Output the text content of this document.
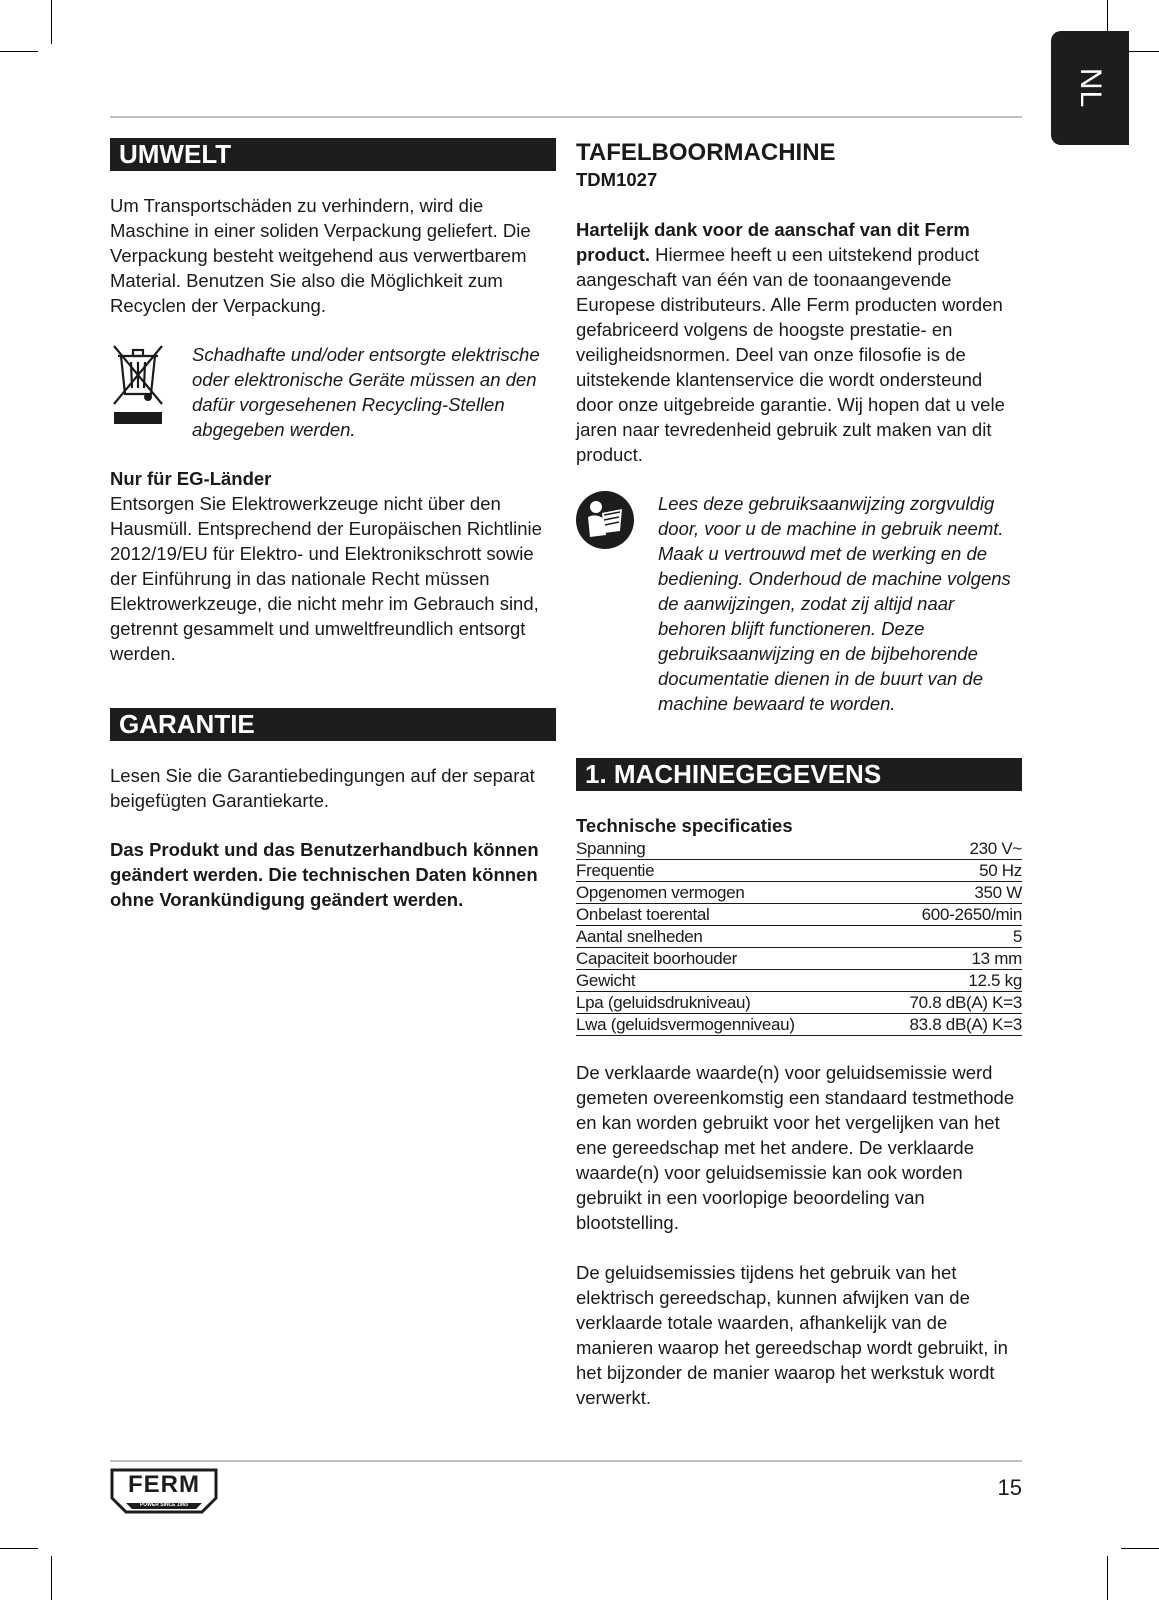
NL
UMWELT

Um Transportschäden zu verhindern, wird die Maschine in einer soliden Verpackung geliefert. Die Verpackung besteht weitgehend aus verwertbarem Material. Benutzen Sie also die Möglichkeit zum Recyclen der Verpackung.

Schadhafte und/oder entsorgte elektrische oder elektronische Geräte müssen an den dafür vorgesehenen Recycling-Stellen abgegeben werden.

Nur für EG-Länder

Entsorgen Sie Elektrowerkzeuge nicht über den Hausmüll. Entsprechend der Europäischen Richtlinie 2012/19/EU für Elektro- und Elektronikschrott sowie der Einführung in das nationale Recht müssen Elektrowerkzeuge, die nicht mehr im Gebrauch sind, getrennt gesammelt und umweltfreundlich entsorgt werden.

GARANTIE

Lesen Sie die Garantiebedingungen auf der separat beigefügten Garantiekarte.

Das Produkt und das Benutzerhandbuch können geändert werden. Die technischen Daten können ohne Vorankündigung geändert werden.

TAFELBOORMACHINE

TDM1027

Hartelijk dank voor de aanschaf van dit Ferm product. Hiermee heeft u een uitstekend product aangeschaft van één van de toonaangevende Europese distributeurs. Alle Ferm producten worden gefabriceerd volgens de hoogste prestatie- en veiligheidsnormen. Deel van onze filosofie is de uitstekende klantenservice die wordt ondersteund door onze uitgebreide garantie. Wij hopen dat u vele jaren naar tevredenheid gebruik zult maken van dit product.

Lees deze gebruiksaanwijzing zorgvuldig door, voor u de machine in gebruik neemt. Maak u vertrouwd met de werking en de bediening. Onderhoud de machine volgens de aanwijzingen, zodat zij altijd naar behoren blijft functioneren. Deze gebruiksaanwijzing en de bijbehorende documentatie dienen in de buurt van de machine bewaard te worden.

1. MACHINEGEGEVENS

Technische specificaties

Spanning	230 V~
Frequentie	50 Hz
Opgenomen vermogen	350 W
Onbelast toerental	600-2650/min
Aantal snelheden	5
Capaciteit boorhouder	13 mm
Gewicht	12.5 kg
Lpa (geluidsdrukniveau)	70.8 dB(A) K=3
Lwa (geluidsvermogenniveau)	83.8 dB(A) K=3

De verklaarde waarde(n) voor geluidsemissie werd gemeten overeenkomstig een standaard testmethode en kan worden gebruikt voor het vergelijken van het ene gereedschap met het andere. De verklaarde waarde(n) voor geluidsemissie kan ook worden gebruikt in een voorlopige beoordeling van blootstelling.

De geluidsemissies tijdens het gebruik van het elektrisch gereedschap, kunnen afwijken van de verklaarde totale waarden, afhankelijk van de manieren waarop het gereedschap wordt gebruikt, in het bijzonder de manier waarop het werkstuk wordt verwerkt.

FERM
POWER SINCE 1965
15
